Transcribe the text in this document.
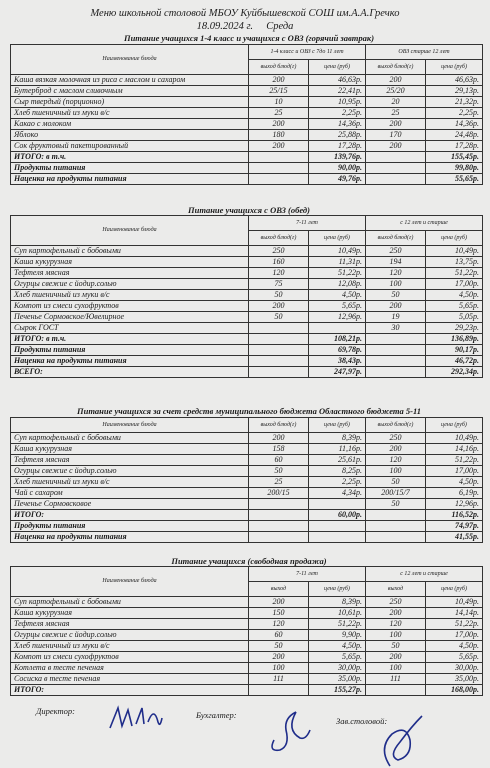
Меню школьной столовой МБОУ Куйбышевской СОШ им.А.А.Гречко
18.09.2024 г. Среда
Питание учащихся 1-4 класс и учащихся с ОВЗ (горячий завтрак)
Наименование блюда	1-4 класс и ОВЗ с 7до 11 лет		ОВЗ старше 12 лет	
	выход блюд(г)	цена (руб)	выход блюд(г)	цена (руб)
Каша вязкая молочная из риса с маслом и сахаром	200	46,63р.	200	46,63р.
Бутерброд с маслом сливочным	25/15	22,41р.	25/20	29,13р.
Сыр твердый (порционно)	10	10,95р.	20	21,32р.
Хлеб пшеничный из муки в/с	25	2,25р.	25	2,25р.
Какао с молоком	200	14,36р.	200	14,36р.
Яблоко	180	25,88р.	170	24,48р.
Сок фруктовый пакетированный	200	17,28р.	200	17,28р.
ИТОГО: в т.ч.		139,76р.		155,45р.
Продукты питания		90,00р.		99,80р.
Наценка на продукты питания		49,76р.		55,65р.
Питание учащихся с ОВЗ (обед)
Наименование блюда	7-11 лет		с 12 лет и старше	
	выход блюд(г)	цена (руб)	выход блюд(г)	цена (руб)
Суп картофельный с бобовыми	250	10,49р.	250	10,49р.
Каша кукурузная	160	11,31р.	194	13,75р.
Тефтеля мясная	120	51,22р.	120	51,22р.
Огурцы свежие с йодир.солью	75	12,08р.	100	17,00р.
Хлеб пшеничный из муки в/с	50	4,50р.	50	4,50р.
Компот из смеси сухофруктов	200	5,65р.	200	5,65р.
Печенье Сормовское/Ювелирное	50	12,96р.	19	5,05р.
Сырок ГОСТ			30	29,23р.
ИТОГО: в т.ч.		108,21р.		136,89р.
Продукты питания		69,78р.		90,17р.
Наценка на продукты питания		38,43р.		46,72р.
ВСЕГО:		247,97р.		292,34р.
Питание учащихся за счет средств муниципального бюджета Областного бюджета 5-11
Наименование блюда	выход блюд(г)	цена (руб)	выход блюд(г)	цена (руб)
Суп картофельный с бобовыми	200	8,39р.	250	10,49р.
Каша кукурузная	158	11,16р.	200	14,16р.
Тефтеля мясная	60	25,61р.	120	51,22р.
Огурцы свежие с йодир.солью	50	8,25р.	100	17,00р.
Хлеб пшеничный из муки в/с	25	2,25р.	50	4,50р.
Чай с сахаром	200/15	4,34р.	200/15/7	6,19р.
Печенье Сормовсковое			50	12,96р.
ИТОГО:		60,00р.		116,52р.
Продукты питания				74,97р.
Наценка на продукты питания				41,55р.
Питание учащихся (свободная продажа)
Наименование блюда	7-11 лет		с 12 лет и старше	
	выход	цена (руб)	выход	цена (руб)
Суп картофельный с бобовыми	200	8,39р.	250	10,49р.
Каша кукурузная	150	10,61р.	200	14,14р.
Тефтеля мясная	120	51,22р.	120	51,22р.
Огурцы свежие с йодир.солью	60	9,90р.	100	17,00р.
Хлеб пшеничный из муки в/с	50	4,50р.	50	4,50р.
Компот из смеси сухофруктов	200	5,65р.	200	5,65р.
Котлета в тесте печеная	100	30,00р.	100	30,00р.
Сосиска в тесте печеная	111	35,00р.	111	35,00р.
ИТОГО:		155,27р.		168,00р.
Директор:	Бухгалтер:
Зав.столовой:
